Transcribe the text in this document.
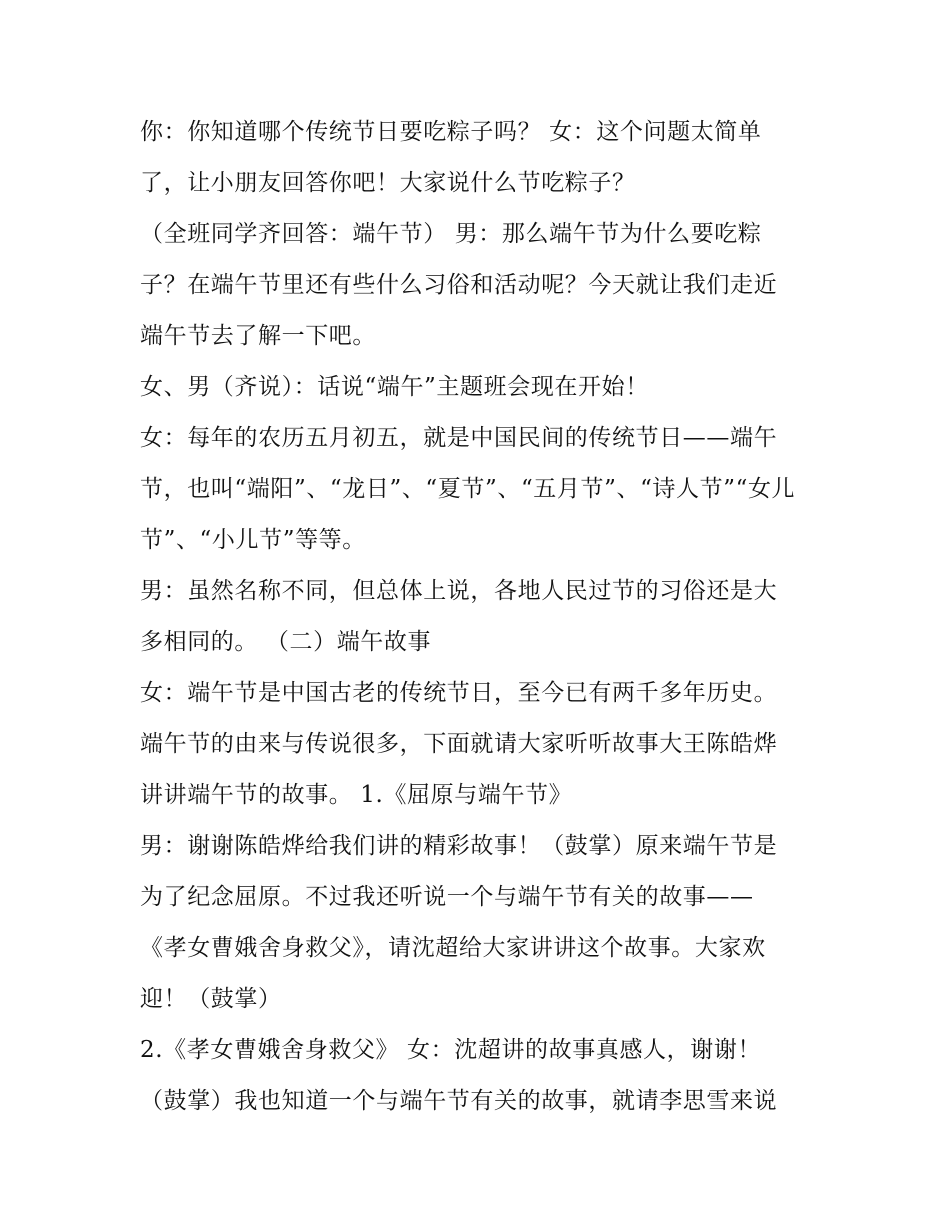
你：你知道哪个传统节日要吃粽子吗？ 女：这个问题太简单
了，让小朋友回答你吧！大家说什么节吃粽子？
（全班同学齐回答：端午节） 男：那么端午节为什么要吃粽
子？在端午节里还有些什么习俗和活动呢？今天就让我们走近
端午节去了解一下吧。
女、男（齐说）：话说“端午”主题班会现在开始！
女：每年的农历五月初五，就是中国民间的传统节日——端午
节，也叫“端阳”、“龙日”、“夏节”、“五月节”、“诗人节”“女儿
节”、“小儿节”等等。
男：虽然名称不同，但总体上说，各地人民过节的习俗还是大
多相同的。 （二）端午故事
女：端午节是中国古老的传统节日，至今已有两千多年历史。
端午节的由来与传说很多，下面就请大家听听故事大王陈皓烨
讲讲端午节的故事。 1.《屈原与端午节》
男：谢谢陈皓烨给我们讲的精彩故事！（鼓掌）原来端午节是
为了纪念屈原。不过我还听说一个与端午节有关的故事——
《孝女曹娥舍身救父》，请沈超给大家讲讲这个故事。大家欢
迎！（鼓掌）
2.《孝女曹娥舍身救父》 女：沈超讲的故事真感人，谢谢！
（鼓掌）我也知道一个与端午节有关的故事，就请李思雪来说
